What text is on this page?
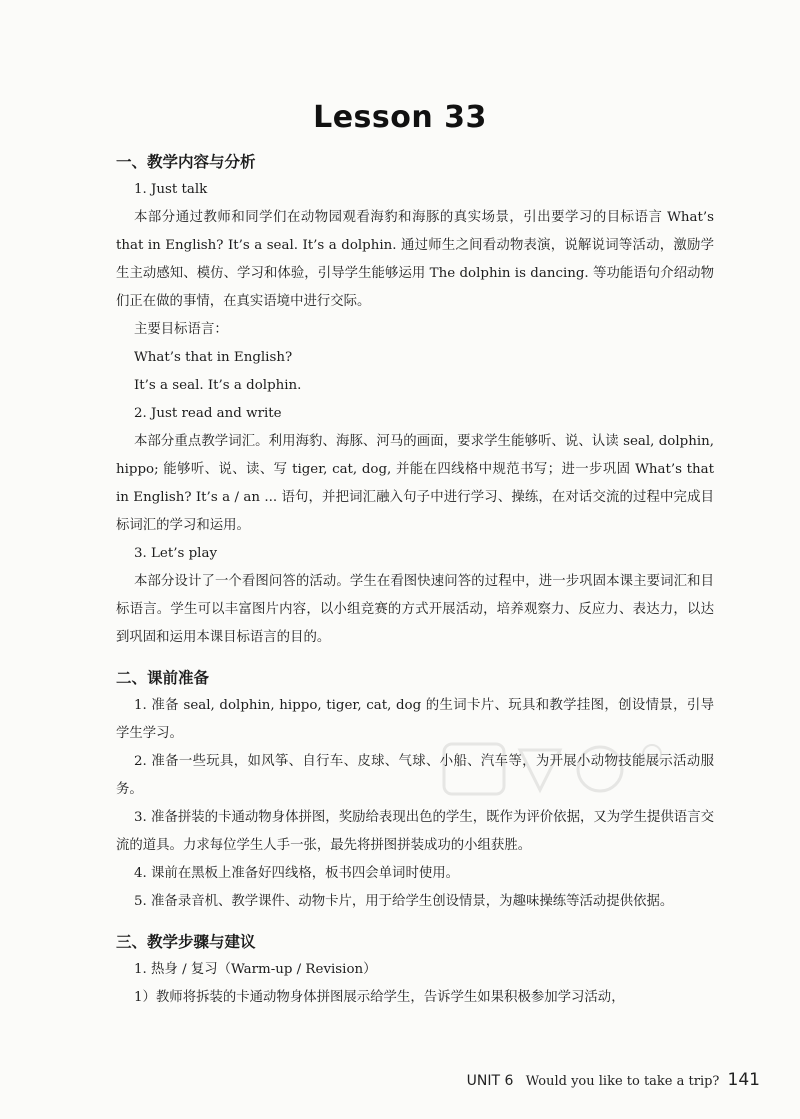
Lesson 33
一、教学内容与分析

1. Just talk

本部分通过教师和同学们在动物园观看海豹和海豚的真实场景，引出要学习的目标语言 What’s that in English? It’s a seal. It’s a dolphin. 通过师生之间看动物表演，说解说词等活动，激励学生主动感知、模仿、学习和体验，引导学生能够运用 The dolphin is dancing. 等功能语句介绍动物们正在做的事情，在真实语境中进行交际。

主要目标语言：

What’s that in English?

It’s a seal. It’s a dolphin.

2. Just read and write

本部分重点教学词汇。利用海豹、海豚、河马的画面，要求学生能够听、说、认读 seal, dolphin, hippo; 能够听、说、读、写 tiger, cat, dog, 并能在四线格中规范书写；进一步巩固 What’s that in English? It’s a / an ... 语句，并把词汇融入句子中进行学习、操练，在对话交流的过程中完成目标词汇的学习和运用。

3. Let’s play

本部分设计了一个看图问答的活动。学生在看图快速问答的过程中，进一步巩固本课主要词汇和目标语言。学生可以丰富图片内容，以小组竞赛的方式开展活动，培养观察力、反应力、表达力，以达到巩固和运用本课目标语言的目的。

二、课前准备

1. 准备 seal, dolphin, hippo, tiger, cat, dog 的生词卡片、玩具和教学挂图，创设情景，引导学生学习。

2. 准备一些玩具，如风筝、自行车、皮球、气球、小船、汽车等，为开展小动物技能展示活动服务。

3. 准备拼装的卡通动物身体拼图，奖励给表现出色的学生，既作为评价依据，又为学生提供语言交流的道具。力求每位学生人手一张，最先将拼图拼装成功的小组获胜。

4. 课前在黑板上准备好四线格，板书四会单词时使用。

5. 准备录音机、教学课件、动物卡片，用于给学生创设情景，为趣味操练等活动提供依据。

三、教学步骤与建议

1. 热身 / 复习（Warm-up / Revision）

1）教师将拆装的卡通动物身体拼图展示给学生，告诉学生如果积极参加学习活动，

UNIT 6 Would you like to take a trip? 141
